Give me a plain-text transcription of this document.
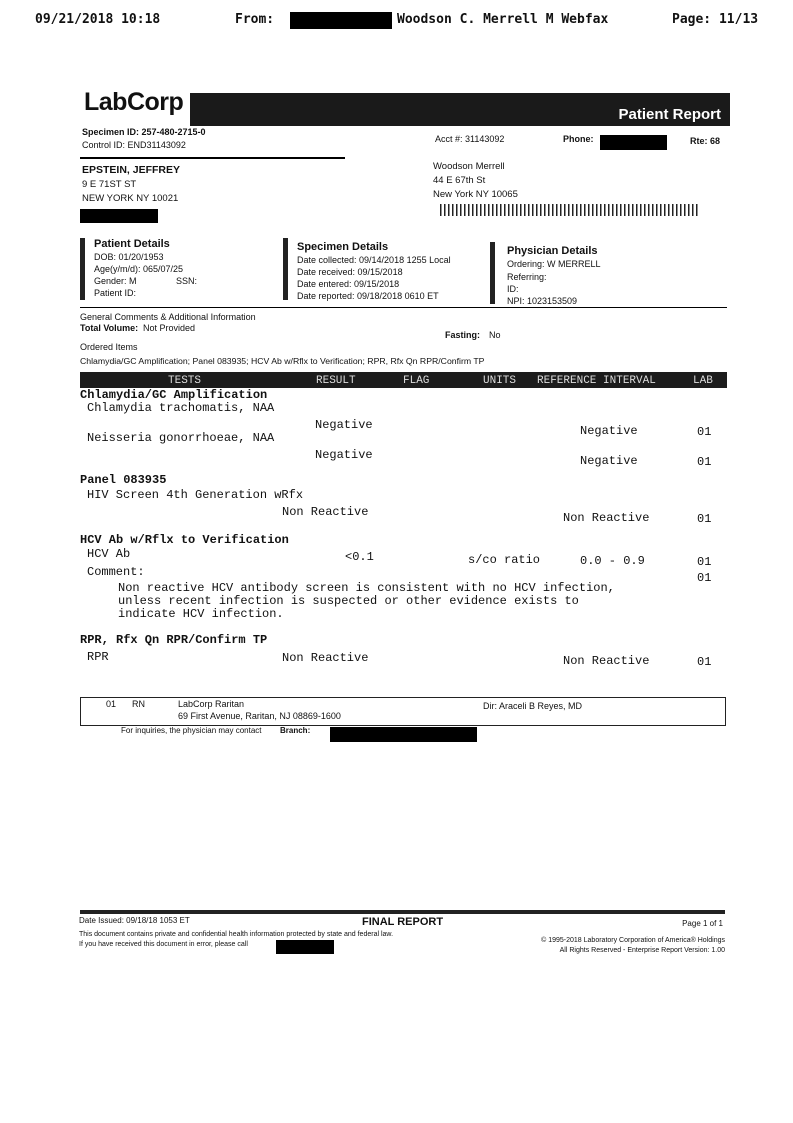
09/21/2018 10:18	From:	Woodson C. Merrell M Webfax	Page: 11/13
LabCorp	Patient Report
Specimen ID: 257-480-2715-0
Control ID: END31143092
Acct #: 31143092	Phone:	Rte: 68
EPSTEIN, JEFFREY
9 E 71ST ST
NEW YORK NY 10021
Woodson Merrell
44 E 67th St
New York NY 10065
Patient Details
DOB: 01/20/1953
Age(y/m/d): 065/07/25
Gender: M	SSN:
Patient ID:
Specimen Details
Date collected: 09/14/2018 1255 Local
Date received: 09/15/2018
Date entered: 09/15/2018
Date reported: 09/18/2018 0610 ET
Physician Details
Ordering: W MERRELL
Referring:
ID:
NPI: 1023153509
General Comments & Additional Information
Total Volume: Not Provided
Fasting: No
Ordered Items
Chlamydia/GC Amplification; Panel 083935; HCV Ab w/Rflx to Verification; RPR, Rfx Qn RPR/Confirm TP
TESTS	RESULT	FLAG	UNITS REFERENCE INTERVAL	LAB
Chlamydia/GC Amplification
Chlamydia trachomatis, NAA
Negative	Negative	01
Neisseria gonorrhoeae, NAA
Negative	Negative	01
Panel 083935
HIV Screen 4th Generation wRfx
Non Reactive	Non Reactive	01
HCV Ab w/Rflx to Verification
HCV Ab	<0.1	s/co ratio	0.0 - 0.9	01
Comment:	01
Non reactive HCV antibody screen is consistent with no HCV infection,
unless recent infection is suspected or other evidence exists to
indicate HCV infection.
RPR, Rfx Qn RPR/Confirm TP
RPR	Non Reactive	Non Reactive	01
01 RN	LabCorp Raritan
69 First Avenue, Raritan, NJ 08869-1600
Dir: Araceli B Reyes, MD
For inquiries, the physician may contact Branch:
Date Issued: 09/18/18 1053 ET	FINAL REPORT	Page 1 of 1
This document contains private and confidential health information protected by state and federal law.
If you have received this document in error, please call
© 1995-2018 Laboratory Corporation of America® Holdings
All Rights Reserved - Enterprise Report Version: 1.00
